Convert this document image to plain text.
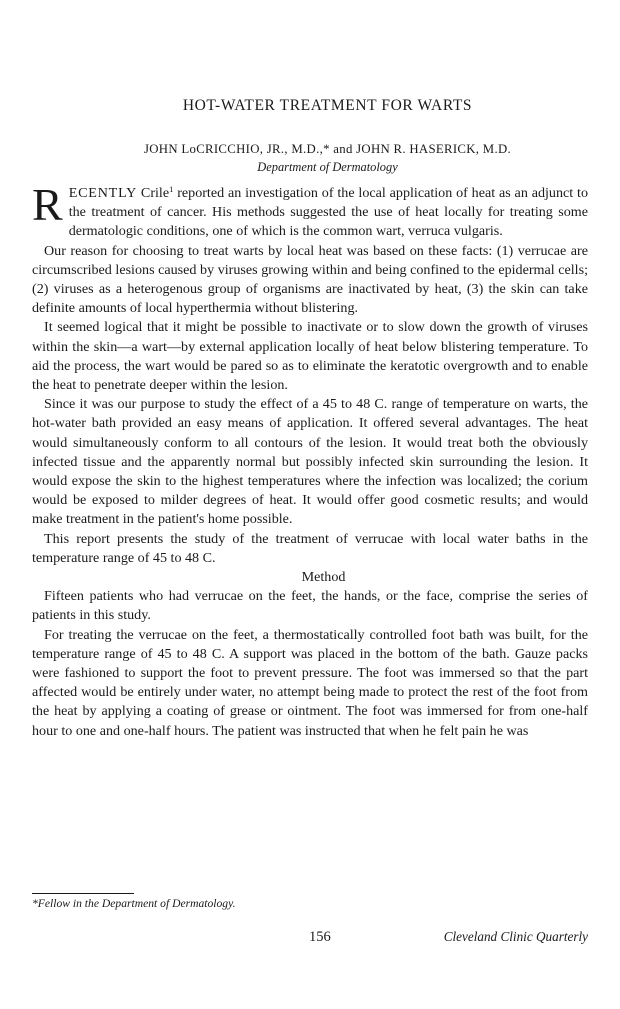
HOT-WATER TREATMENT FOR WARTS
JOHN LoCRICCHIO, JR., M.D.,* and JOHN R. HASERICK, M.D.
Department of Dermatology

RECENTLY Crile$^1$ reported an investigation of the local application of heat as an adjunct to the treatment of cancer. His methods suggested the use of heat locally for treating some dermatologic conditions, one of which is the common wart, verruca vulgaris.

Our reason for choosing to treat warts by local heat was based on these facts: (1) verrucae are circumscribed lesions caused by viruses growing within and being confined to the epidermal cells; (2) viruses as a heterogenous group of organisms are inactivated by heat, (3) the skin can take definite amounts of local hyperthermia without blistering.

It seemed logical that it might be possible to inactivate or to slow down the growth of viruses within the skin—a wart—by external application locally of heat below blistering temperature. To aid the process, the wart would be pared so as to eliminate the keratotic overgrowth and to enable the heat to penetrate deeper within the lesion.

Since it was our purpose to study the effect of a 45 to 48 C. range of temperature on warts, the hot-water bath provided an easy means of application. It offered several advantages. The heat would simultaneously conform to all contours of the lesion. It would treat both the obviously infected tissue and the apparently normal but possibly infected skin surrounding the lesion. It would expose the skin to the highest temperatures where the infection was localized; the corium would be exposed to milder degrees of heat. It would offer good cosmetic results; and would make treatment in the patient's home possible.

This report presents the study of the treatment of verrucae with local water baths in the temperature range of 45 to 48 C.

Method

Fifteen patients who had verrucae on the feet, the hands, or the face, comprise the series of patients in this study.

For treating the verrucae on the feet, a thermostatically controlled foot bath was built, for the temperature range of 45 to 48 C. A support was placed in the bottom of the bath. Gauze packs were fashioned to support the foot to prevent pressure. The foot was immersed so that the part affected would be entirely under water, no attempt being made to protect the rest of the foot from the heat by applying a coating of grease or ointment. The foot was immersed for from one-half hour to one and one-half hours. The patient was instructed that when he felt pain he was

*Fellow in the Department of Dermatology.
156	Cleveland Clinic Quarterly
